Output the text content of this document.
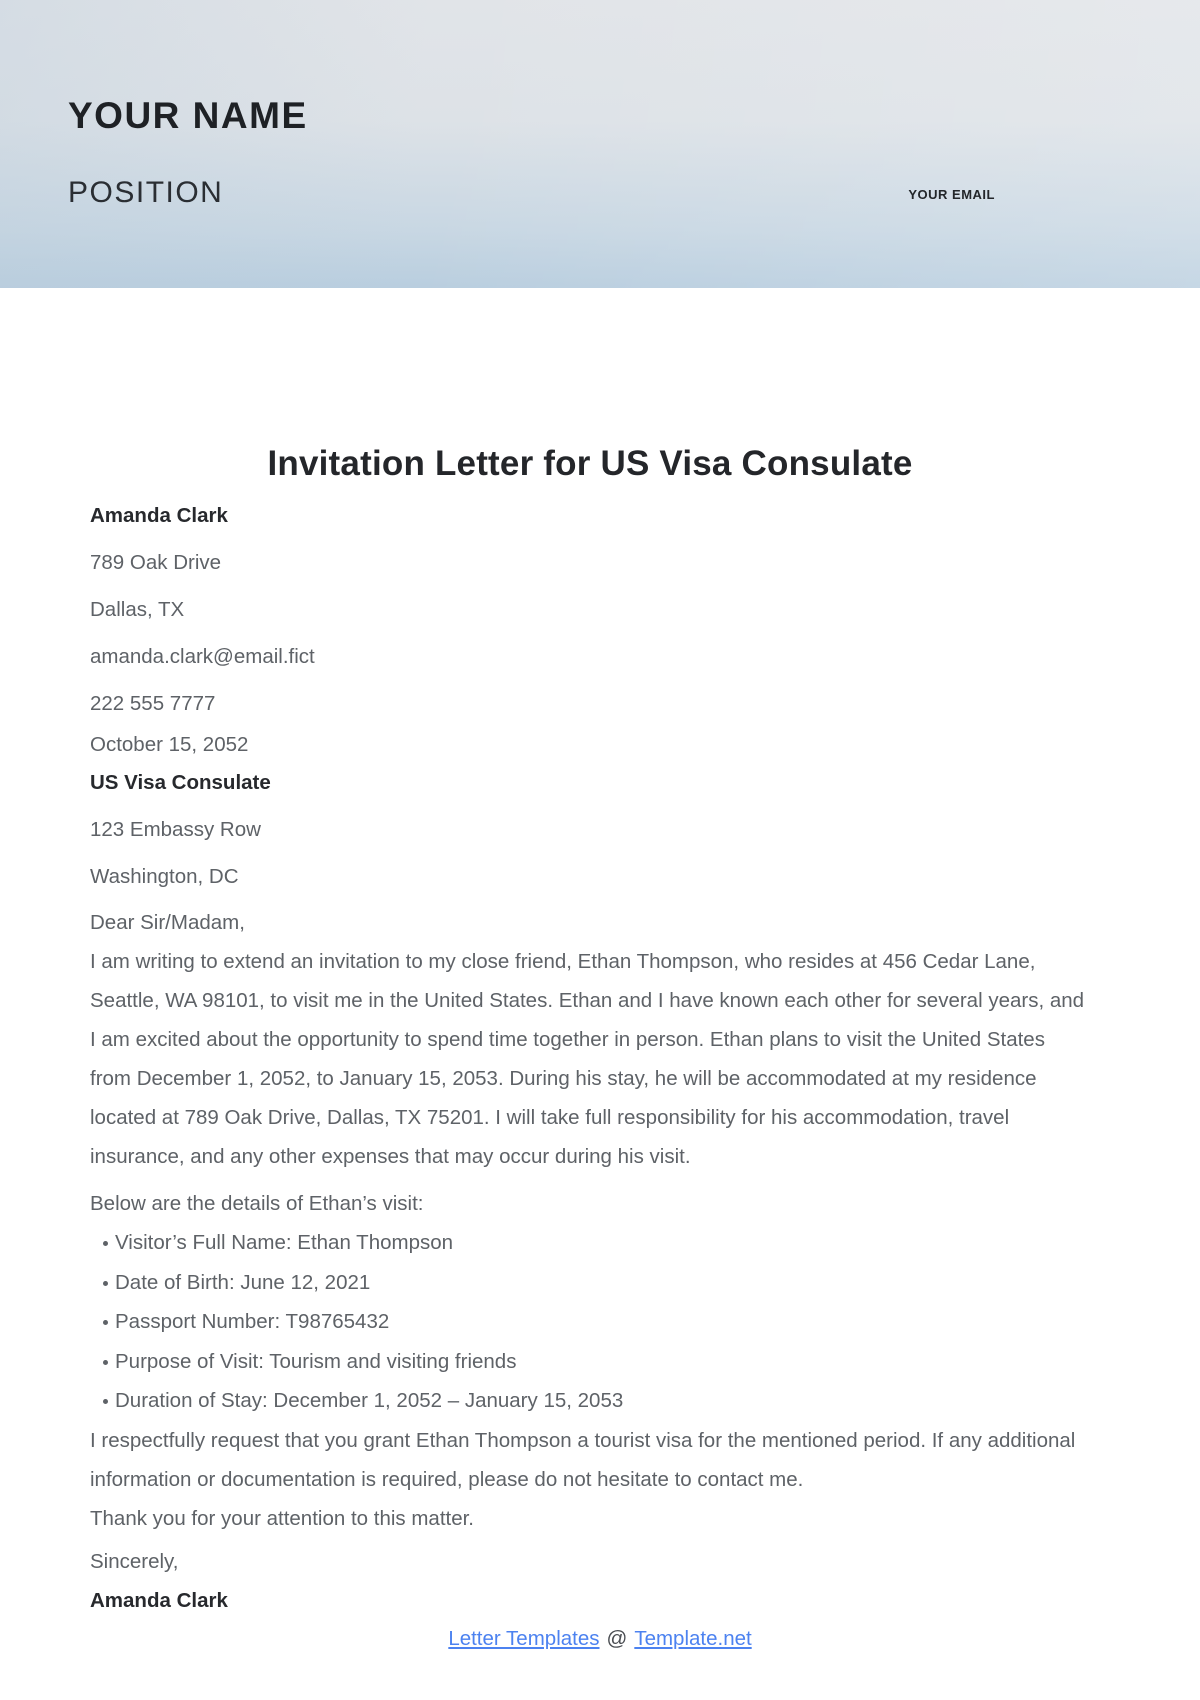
YOUR NAME
POSITION	YOUR EMAIL
Invitation Letter for US Visa Consulate

Amanda Clark

789 Oak Drive

Dallas, TX

amanda.clark@email.fict

222 555 7777

October 15, 2052

US Visa Consulate

123 Embassy Row

Washington, DC

Dear Sir/Madam,

I am writing to extend an invitation to my close friend, Ethan Thompson, who resides at 456 Cedar Lane, Seattle, WA 98101, to visit me in the United States. Ethan and I have known each other for several years, and I am excited about the opportunity to spend time together in person. Ethan plans to visit the United States from December 1, 2052, to January 15, 2053. During his stay, he will be accommodated at my residence located at 789 Oak Drive, Dallas, TX 75201. I will take full responsibility for his accommodation, travel insurance, and any other expenses that may occur during his visit.

Below are the details of Ethan’s visit:

Visitor’s Full Name: Ethan Thompson
Date of Birth: June 12, 2021
Passport Number: T98765432
Purpose of Visit: Tourism and visiting friends
Duration of Stay: December 1, 2052 – January 15, 2053

I respectfully request that you grant Ethan Thompson a tourist visa for the mentioned period. If any additional information or documentation is required, please do not hesitate to contact me.

Thank you for your attention to this matter.

Sincerely,

Amanda Clark

Letter Templates @ Template.net
